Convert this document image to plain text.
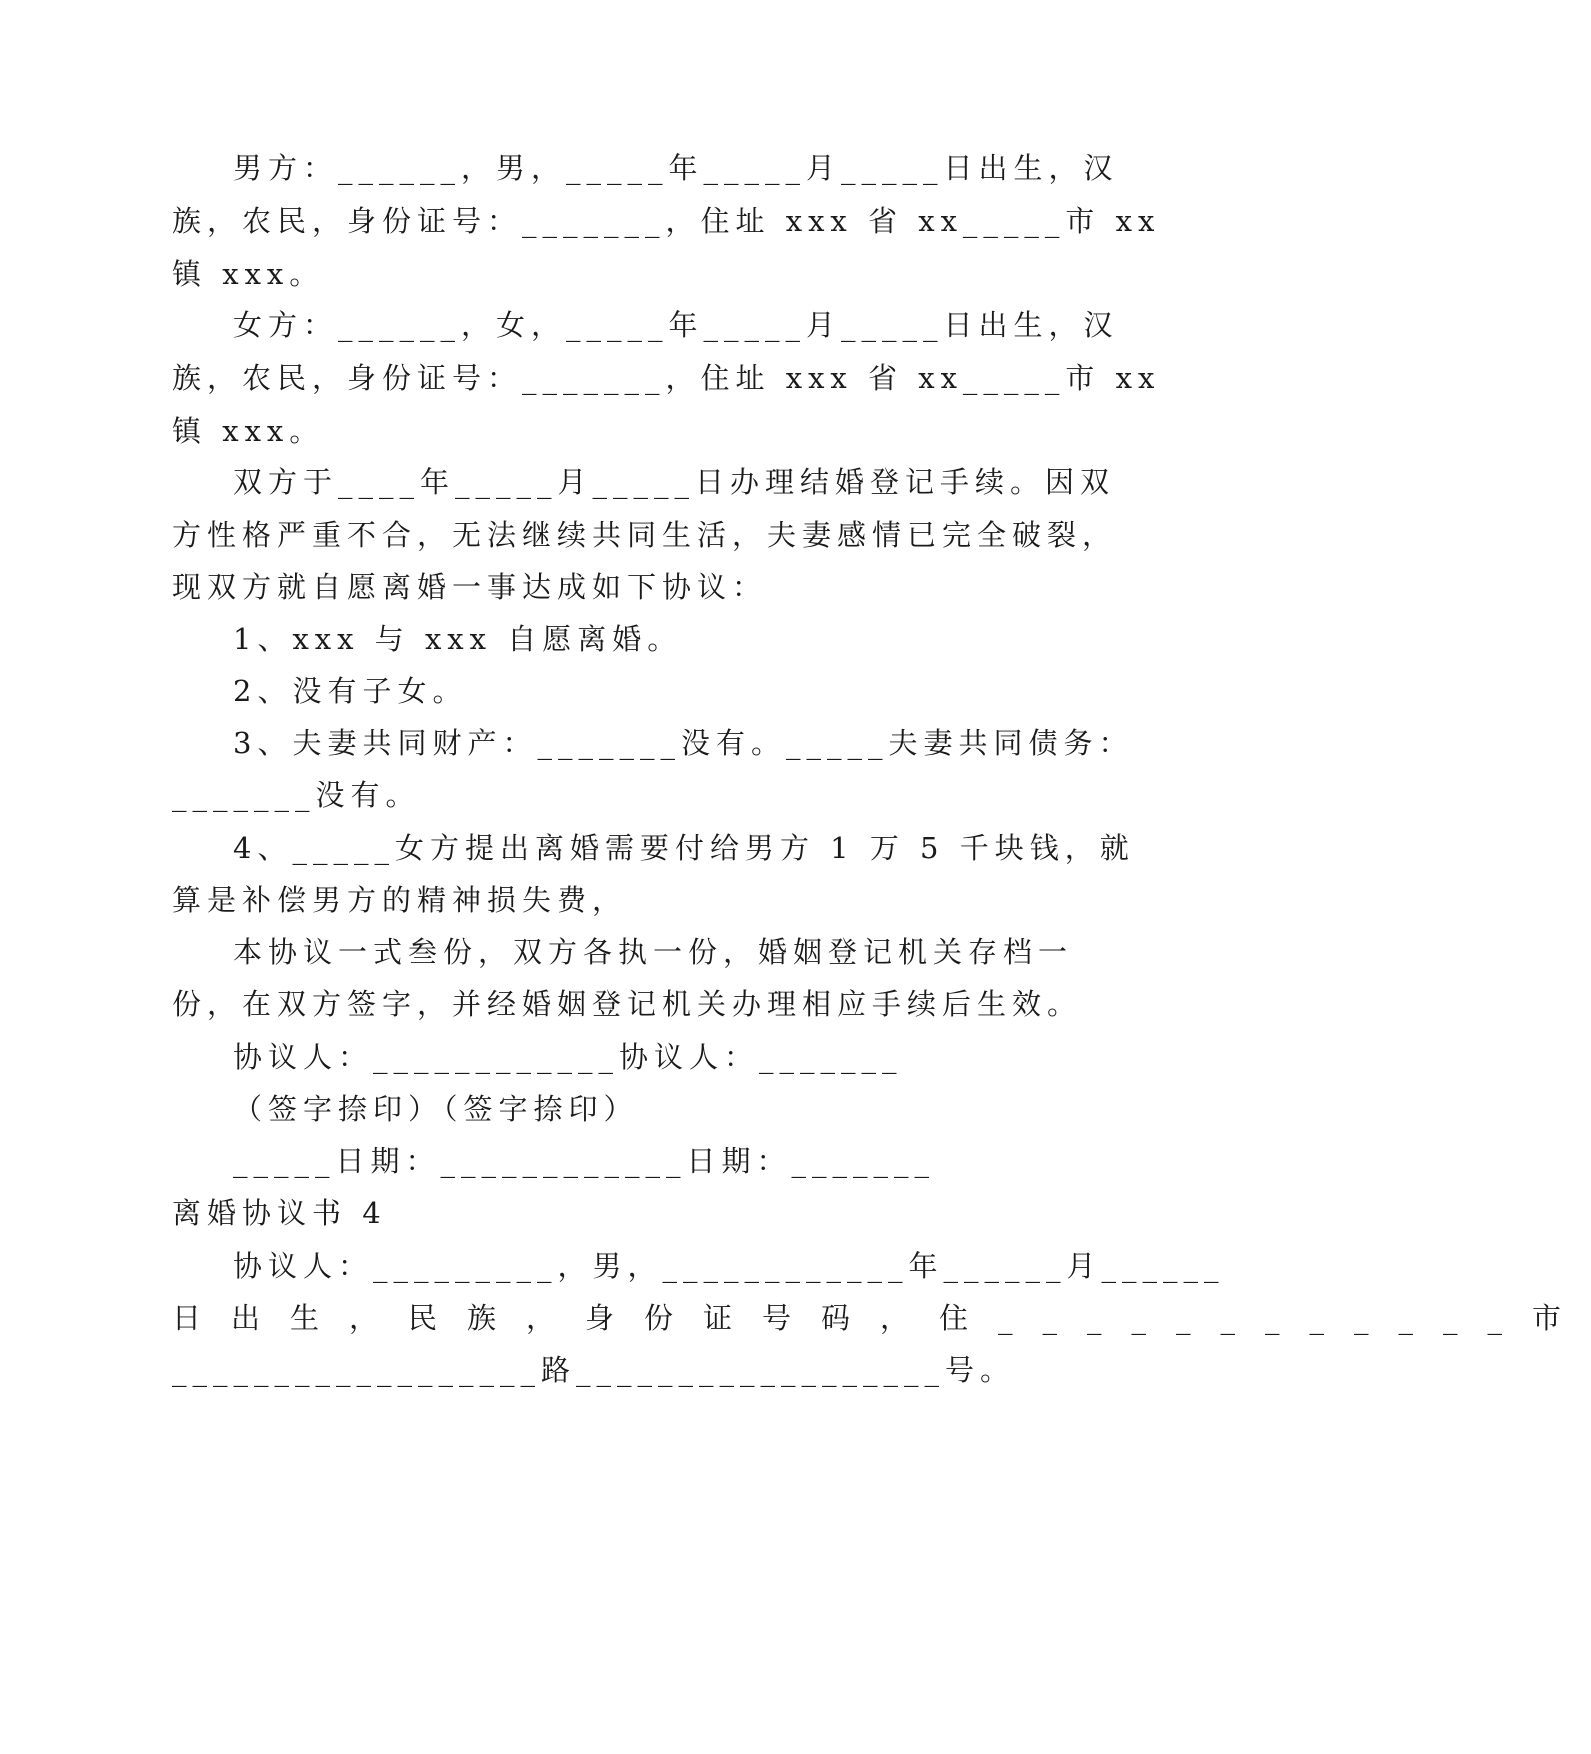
男方：______，男，_____年_____月_____日出生，汉
族，农民，身份证号：_______，住址 xxx 省 xx_____市 xx
镇 xxx。
女方：______，女，_____年_____月_____日出生，汉
族，农民，身份证号：_______，住址 xxx 省 xx_____市 xx
镇 xxx。
双方于____年_____月_____日办理结婚登记手续。因双
方性格严重不合，无法继续共同生活，夫妻感情已完全破裂，
现双方就自愿离婚一事达成如下协议：
1、xxx 与 xxx 自愿离婚。
2、没有子女。
3、夫妻共同财产：_______没有。_____夫妻共同债务：
_______没有。
4、_____女方提出离婚需要付给男方 1 万 5 千块钱，就
算是补偿男方的精神损失费，
本协议一式叁份，双方各执一份，婚姻登记机关存档一
份，在双方签字，并经婚姻登记机关办理相应手续后生效。
协议人：____________协议人：_______
（签字捺印）（签字捺印）
_____日期：____________日期：_______
离婚协议书 4
协议人：_________，男，____________年______月______
日出生，民族，身份证号码，住____________市
__________________路__________________号。
